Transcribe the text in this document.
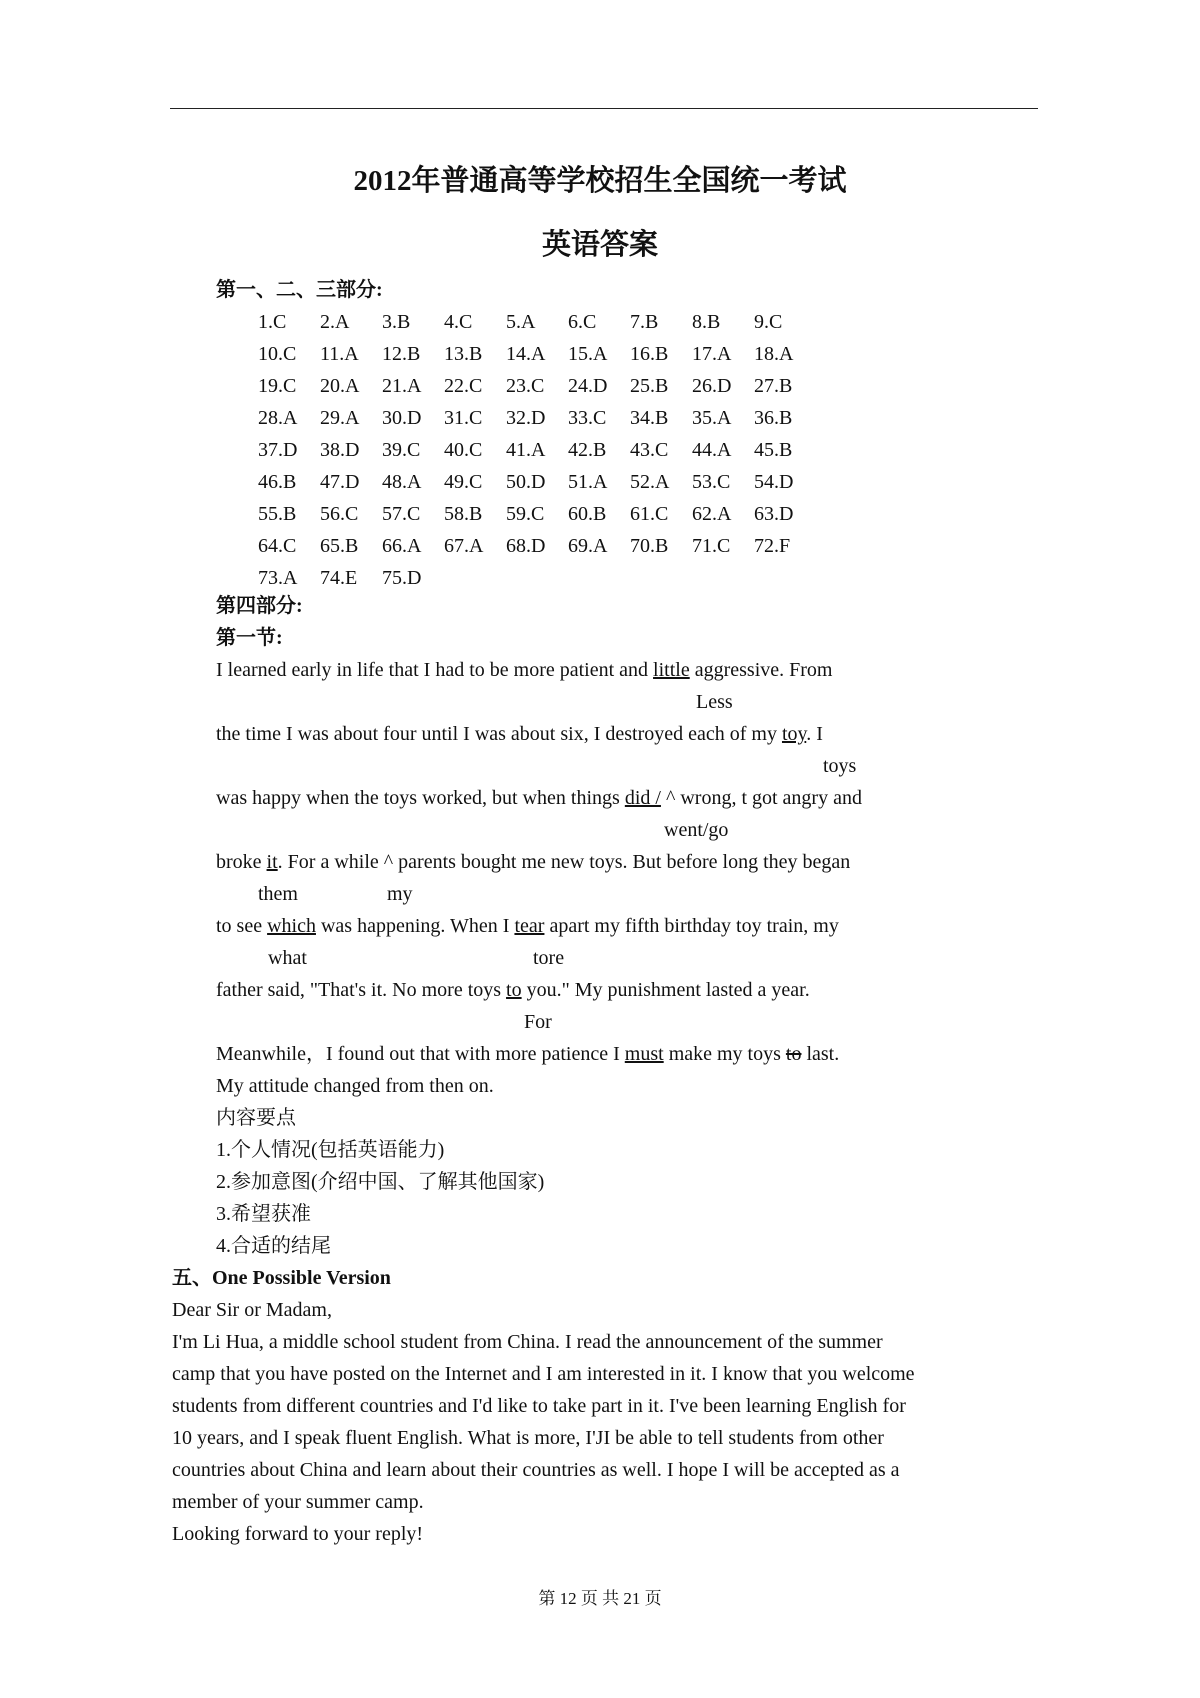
2012年普通高等学校招生全国统一考试
英语答案
第一、二、三部分:
1.C 2.A 3.B 4.C 5.A 6.C 7.B 8.B 9.C
10.C 11.A 12.B 13.B 14.A 15.A 16.B 17.A 18.A
19.C 20.A 21.A 22.C 23.C 24.D 25.B 26.D 27.B
28.A 29.A 30.D 31.C 32.D 33.C 34.B 35.A 36.B
37.D 38.D 39.C 40.C 41.A 42.B 43.C 44.A 45.B
46.B 47.D 48.A 49.C 50.D 51.A 52.A 53.C 54.D
55.B 56.C 57.C 58.B 59.C 60.B 61.C 62.A 63.D
64.C 65.B 66.A 67.A 68.D 69.A 70.B 71.C 72.F
73.A 74.E 75.D
第四部分:
第一节:
I learned early in life that I had to be more patient and little aggressive. From
Less
the time I was about four until I was about six, I destroyed each of my toy. I
toys
was happy when the toys worked, but when things did / ^ wrong, t got angry and
went/go
broke it. For a while ^ parents bought me new toys. But before long they began
them	my
to see which was happening. When I tear apart my fifth birthday toy train, my
what	tore
father said, "That's it. No more toys to you." My punishment lasted a year.
For
Meanwhile，I found out that with more patience I must make my toys to last.
My attitude changed from then on.
内容要点
1.个人情况(包括英语能力)
2.参加意图(介绍中国、了解其他国家)
3.希望获准
4.合适的结尾
五、One Possible Version
Dear Sir or Madam,
I'm Li Hua, a middle school student from China. I read the announcement of the summer
camp that you have posted on the Internet and I am interested in it. I know that you welcome
students from different countries and I'd like to take part in it. I've been learning English for
10 years, and I speak fluent English. What is more, I'JI be able to tell students from other
countries about China and learn about their countries as well. I hope I will be accepted as a
member of your summer camp.
Looking forward to your reply!
第 12 页 共 21 页
